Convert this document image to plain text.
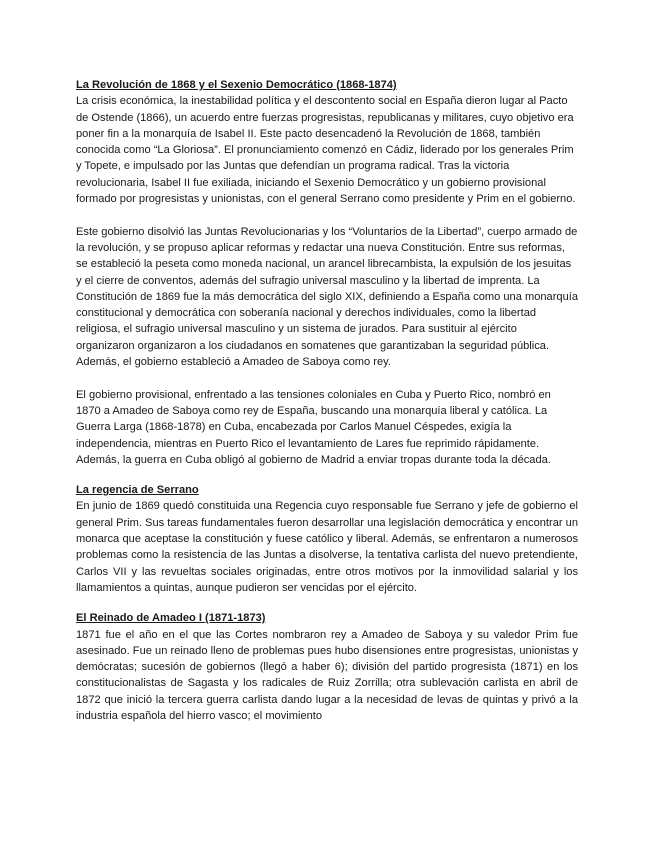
La Revolución de 1868 y el Sexenio Democrático (1868-1874)

La crisis económica, la inestabilidad política y el descontento social en España dieron lugar al Pacto de Ostende (1866), un acuerdo entre fuerzas progresistas, republicanas y militares, cuyo objetivo era poner fin a la monarquía de Isabel II. Este pacto desencadenó la Revolución de 1868, también conocida como “La Gloriosa”. El pronunciamiento comenzó en Cádiz, liderado por los generales Prim y Topete, e impulsado por las Juntas que defendían un programa radical. Tras la victoria revolucionaria, Isabel II fue exiliada, iniciando el Sexenio Democrático y un gobierno provisional formado por progresistas y unionistas, con el general Serrano como presidente y Prim en el gobierno.

Este gobierno disolvió las Juntas Revolucionarias y los “Voluntarios de la Libertad”, cuerpo armado de la revolución, y se propuso aplicar reformas y redactar una nueva Constitución. Entre sus reformas, se estableció la peseta como moneda nacional, un arancel librecambista, la expulsión de los jesuitas y el cierre de conventos, además del sufragio universal masculino y la libertad de imprenta. La Constitución de 1869 fue la más democrática del siglo XIX, definiendo a España como una monarquía constitucional y democrática con soberanía nacional y derechos individuales, como la libertad religiosa, el sufragio universal masculino y un sistema de jurados. Para sustituir al ejército organizaron organizaron a los ciudadanos en somatenes que garantizaban la seguridad pública. Además, el gobierno estableció a Amadeo de Saboya como rey.

El gobierno provisional, enfrentado a las tensiones coloniales en Cuba y Puerto Rico, nombró en 1870 a Amadeo de Saboya como rey de España, buscando una monarquía liberal y católica. La Guerra Larga (1868-1878) en Cuba, encabezada por Carlos Manuel Céspedes, exigía la independencia, mientras en Puerto Rico el levantamiento de Lares fue reprimido rápidamente. Además, la guerra en Cuba obligó al gobierno de Madrid a enviar tropas durante toda la década.

La regencia de Serrano

En junio de 1869 quedó constituida una Regencia cuyo responsable fue Serrano y jefe de gobierno el general Prim. Sus tareas fundamentales fueron desarrollar una legislación democrática y encontrar un monarca que aceptase la constitución y fuese católico y liberal. Además, se enfrentaron a numerosos problemas como la resistencia de las Juntas a disolverse, la tentativa carlista del nuevo pretendiente, Carlos VII y las revueltas sociales originadas, entre otros motivos por la inmovilidad salarial y los llamamientos a quintas, aunque pudieron ser vencidas por el ejército.

El Reinado de Amadeo I (1871-1873)

1871 fue el año en el que las Cortes nombraron rey a Amadeo de Saboya y su valedor Prim fue asesinado. Fue un reinado lleno de problemas pues hubo disensiones entre progresistas, unionistas y demócratas; sucesión de gobiernos (llegó a haber 6); división del partido progresista (1871) en los constitucionalistas de Sagasta y los radicales de Ruiz Zorrilla; otra sublevación carlista en abril de 1872 que inició la tercera guerra carlista dando lugar a la necesidad de levas de quintas y privó a la industria española del hierro vasco; el movimiento
